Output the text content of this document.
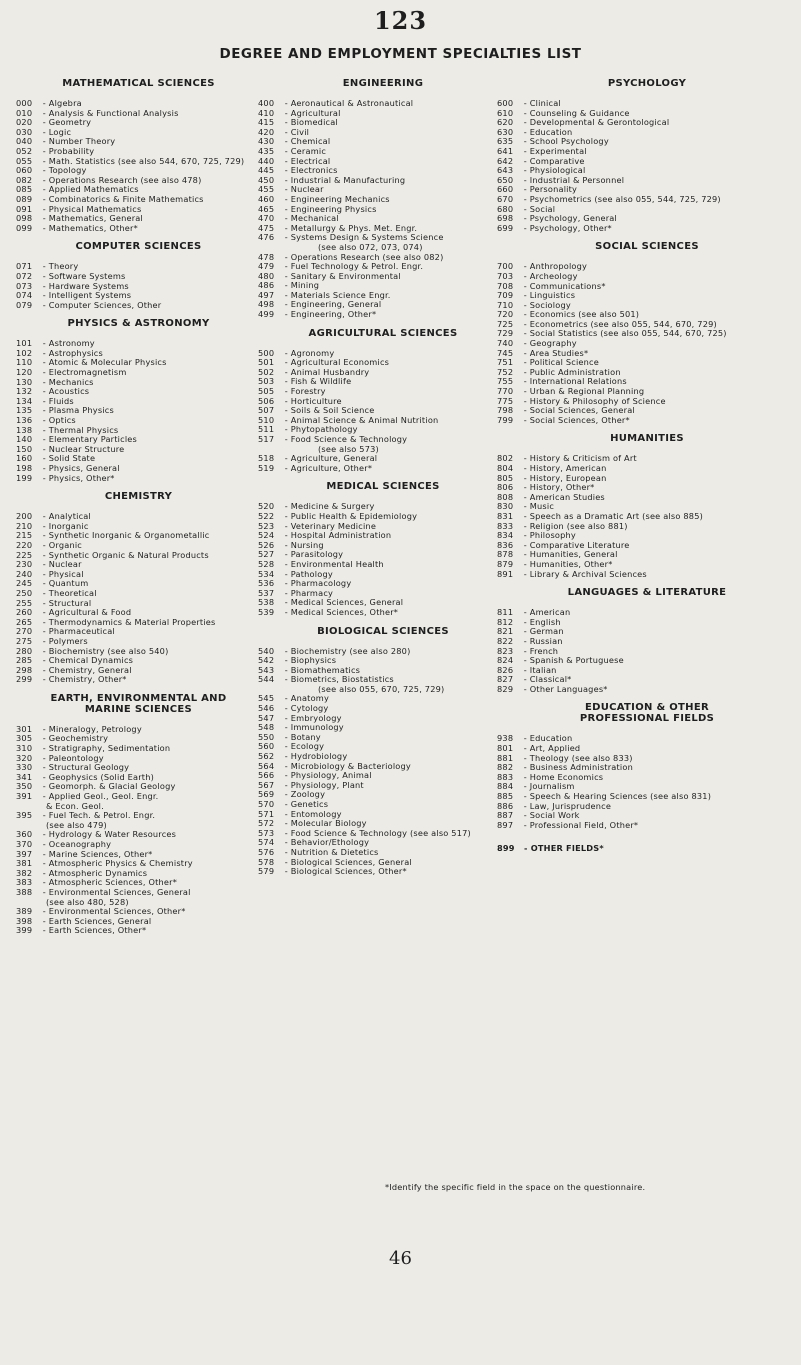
123
DEGREE AND EMPLOYMENT SPECIALTIES LIST
MATHEMATICAL SCIENCES
000 - Algebra
010 - Analysis & Functional Analysis
020 - Geometry
030 - Logic
040 - Number Theory
052 - Probability
055 - Math. Statistics (see also 544, 670, 725, 729)
060 - Topology
082 - Operations Research (see also 478)
085 - Applied Mathematics
089 - Combinatorics & Finite Mathematics
091 - Physical Mathematics
098 - Mathematics, General
099 - Mathematics, Other*
COMPUTER SCIENCES
071 - Theory
072 - Software Systems
073 - Hardware Systems
074 - Intelligent Systems
079 - Computer Sciences, Other
PHYSICS & ASTRONOMY
101 - Astronomy
102 - Astrophysics
110 - Atomic & Molecular Physics
120 - Electromagnetism
130 - Mechanics
132 - Acoustics
134 - Fluids
135 - Plasma Physics
136 - Optics
138 - Thermal Physics
140 - Elementary Particles
150 - Nuclear Structure
160 - Solid State
198 - Physics, General
199 - Physics, Other*
CHEMISTRY
200 - Analytical
210 - Inorganic
215 - Synthetic Inorganic & Organometallic
220 - Organic
225 - Synthetic Organic & Natural Products
230 - Nuclear
240 - Physical
245 - Quantum
250 - Theoretical
255 - Structural
260 - Agricultural & Food
265 - Thermodynamics & Material Properties
270 - Pharmaceutical
275 - Polymers
280 - Biochemistry (see also 540)
285 - Chemical Dynamics
298 - Chemistry, General
299 - Chemistry, Other*
EARTH, ENVIRONMENTAL AND
MARINE SCIENCES
301 - Mineralogy, Petrology
305 - Geochemistry
310 - Stratigraphy, Sedimentation
320 - Paleontology
330 - Structural Geology
341 - Geophysics (Solid Earth)
350 - Geomorph. & Glacial Geology
391 - Applied Geol., Geol. Engr.
& Econ. Geol.
395 - Fuel Tech. & Petrol. Engr.
(see also 479)
360 - Hydrology & Water Resources
370 - Oceanography
397 - Marine Sciences, Other*
381 - Atmospheric Physics & Chemistry
382 - Atmospheric Dynamics
383 - Atmospheric Sciences, Other*
388 - Environmental Sciences, General
(see also 480, 528)
389 - Environmental Sciences, Other*
398 - Earth Sciences, General
399 - Earth Sciences, Other*
ENGINEERING
400 - Aeronautical & Astronautical
410 - Agricultural
415 - Biomedical
420 - Civil
430 - Chemical
435 - Ceramic
440 - Electrical
445 - Electronics
450 - Industrial & Manufacturing
455 - Nuclear
460 - Engineering Mechanics
465 - Engineering Physics
470 - Mechanical
475 - Metallurgy & Phys. Met. Engr.
476 - Systems Design & Systems Science
(see also 072, 073, 074)
478 - Operations Research (see also 082)
479 - Fuel Technology & Petrol. Engr.
480 - Sanitary & Environmental
486 - Mining
497 - Materials Science Engr.
498 - Engineering, General
499 - Engineering, Other*
AGRICULTURAL SCIENCES
500 - Agronomy
501 - Agricultural Economics
502 - Animal Husbandry
503 - Fish & Wildlife
505 - Forestry
506 - Horticulture
507 - Soils & Soil Science
510 - Animal Science & Animal Nutrition
511 - Phytopathology
517 - Food Science & Technology
(see also 573)
518 - Agriculture, General
519 - Agriculture, Other*
MEDICAL SCIENCES
520 - Medicine & Surgery
522 - Public Health & Epidemiology
523 - Veterinary Medicine
524 - Hospital Administration
526 - Nursing
527 - Parasitology
528 - Environmental Health
534 - Pathology
536 - Pharmacology
537 - Pharmacy
538 - Medical Sciences, General
539 - Medical Sciences, Other*
BIOLOGICAL SCIENCES
540 - Biochemistry (see also 280)
542 - Biophysics
543 - Biomathematics
544 - Biometrics, Biostatistics
(see also 055, 670, 725, 729)
545 - Anatomy
546 - Cytology
547 - Embryology
548 - Immunology
550 - Botany
560 - Ecology
562 - Hydrobiology
564 - Microbiology & Bacteriology
566 - Physiology, Animal
567 - Physiology, Plant
569 - Zoology
570 - Genetics
571 - Entomology
572 - Molecular Biology
573 - Food Science & Technology (see also 517)
574 - Behavior/Ethology
576 - Nutrition & Dietetics
578 - Biological Sciences, General
579 - Biological Sciences, Other*
PSYCHOLOGY
600 - Clinical
610 - Counseling & Guidance
620 - Developmental & Gerontological
630 - Education
635 - School Psychology
641 - Experimental
642 - Comparative
643 - Physiological
650 - Industrial & Personnel
660 - Personality
670 - Psychometrics (see also 055, 544, 725, 729)
680 - Social
698 - Psychology, General
699 - Psychology, Other*
SOCIAL SCIENCES
700 - Anthropology
703 - Archeology
708 - Communications*
709 - Linguistics
710 - Sociology
720 - Economics (see also 501)
725 - Econometrics (see also 055, 544, 670, 729)
729 - Social Statistics (see also 055, 544, 670, 725)
740 - Geography
745 - Area Studies*
751 - Political Science
752 - Public Administration
755 - International Relations
770 - Urban & Regional Planning
775 - History & Philosophy of Science
798 - Social Sciences, General
799 - Social Sciences, Other*
HUMANITIES
802 - History & Criticism of Art
804 - History, American
805 - History, European
806 - History, Other*
808 - American Studies
830 - Music
831 - Speech as a Dramatic Art (see also 885)
833 - Religion (see also 881)
834 - Philosophy
836 - Comparative Literature
878 - Humanities, General
879 - Humanities, Other*
891 - Library & Archival Sciences
LANGUAGES & LITERATURE
811 - American
812 - English
821 - German
822 - Russian
823 - French
824 - Spanish & Portuguese
826 - Italian
827 - Classical*
829 - Other Languages*
EDUCATION & OTHER
PROFESSIONAL FIELDS
938 - Education
801 - Art, Applied
881 - Theology (see also 833)
882 - Business Administration
883 - Home Economics
884 - Journalism
885 - Speech & Hearing Sciences (see also 831)
886 - Law, Jurisprudence
887 - Social Work
897 - Professional Field, Other*
899 - OTHER FIELDS*
*Identify the specific field in the space on the questionnaire.
46
